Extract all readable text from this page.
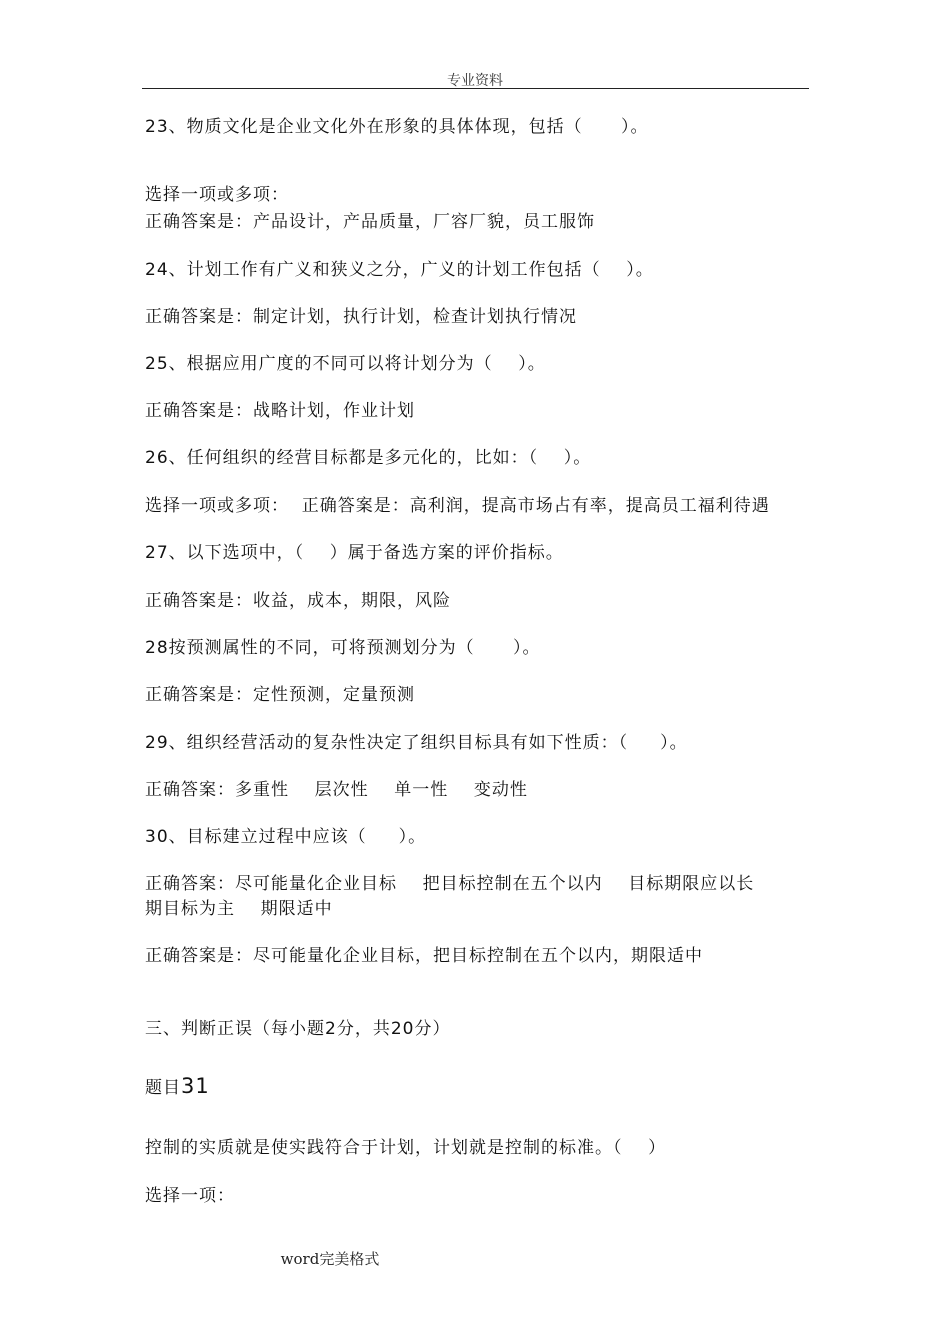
专业资料
23、物质文化是企业文化外在形象的具体体现，包括（      ）。
选择一项或多项：
正确答案是：产品设计，产品质量，厂容厂貌，员工服饰
24、计划工作有广义和狭义之分，广义的计划工作包括（    ）。
正确答案是：制定计划，执行计划，检查计划执行情况
25、根据应用广度的不同可以将计划分为（    ）。
正确答案是：战略计划，作业计划
26、任何组织的经营目标都是多元化的，比如：（    ）。
选择一项或多项：  正确答案是：高利润，提高市场占有率，提高员工福利待遇
27、以下选项中，（    ）属于备选方案的评价指标。
正确答案是：收益，成本，期限，风险
28按预测属性的不同，可将预测划分为（      ）。
正确答案是：定性预测，定量预测
29、组织经营活动的复杂性决定了组织目标具有如下性质：（     ）。
正确答案：多重性    层次性    单一性    变动性
30、目标建立过程中应该（     ）。
正确答案：尽可能量化企业目标    把目标控制在五个以内    目标期限应以长
期目标为主    期限适中
正确答案是：尽可能量化企业目标，把目标控制在五个以内，期限适中
三、判断正误（每小题2分，共20分）
题目31
控制的实质就是使实践符合于计划，计划就是控制的标准。（    ）
选择一项：
word完美格式
